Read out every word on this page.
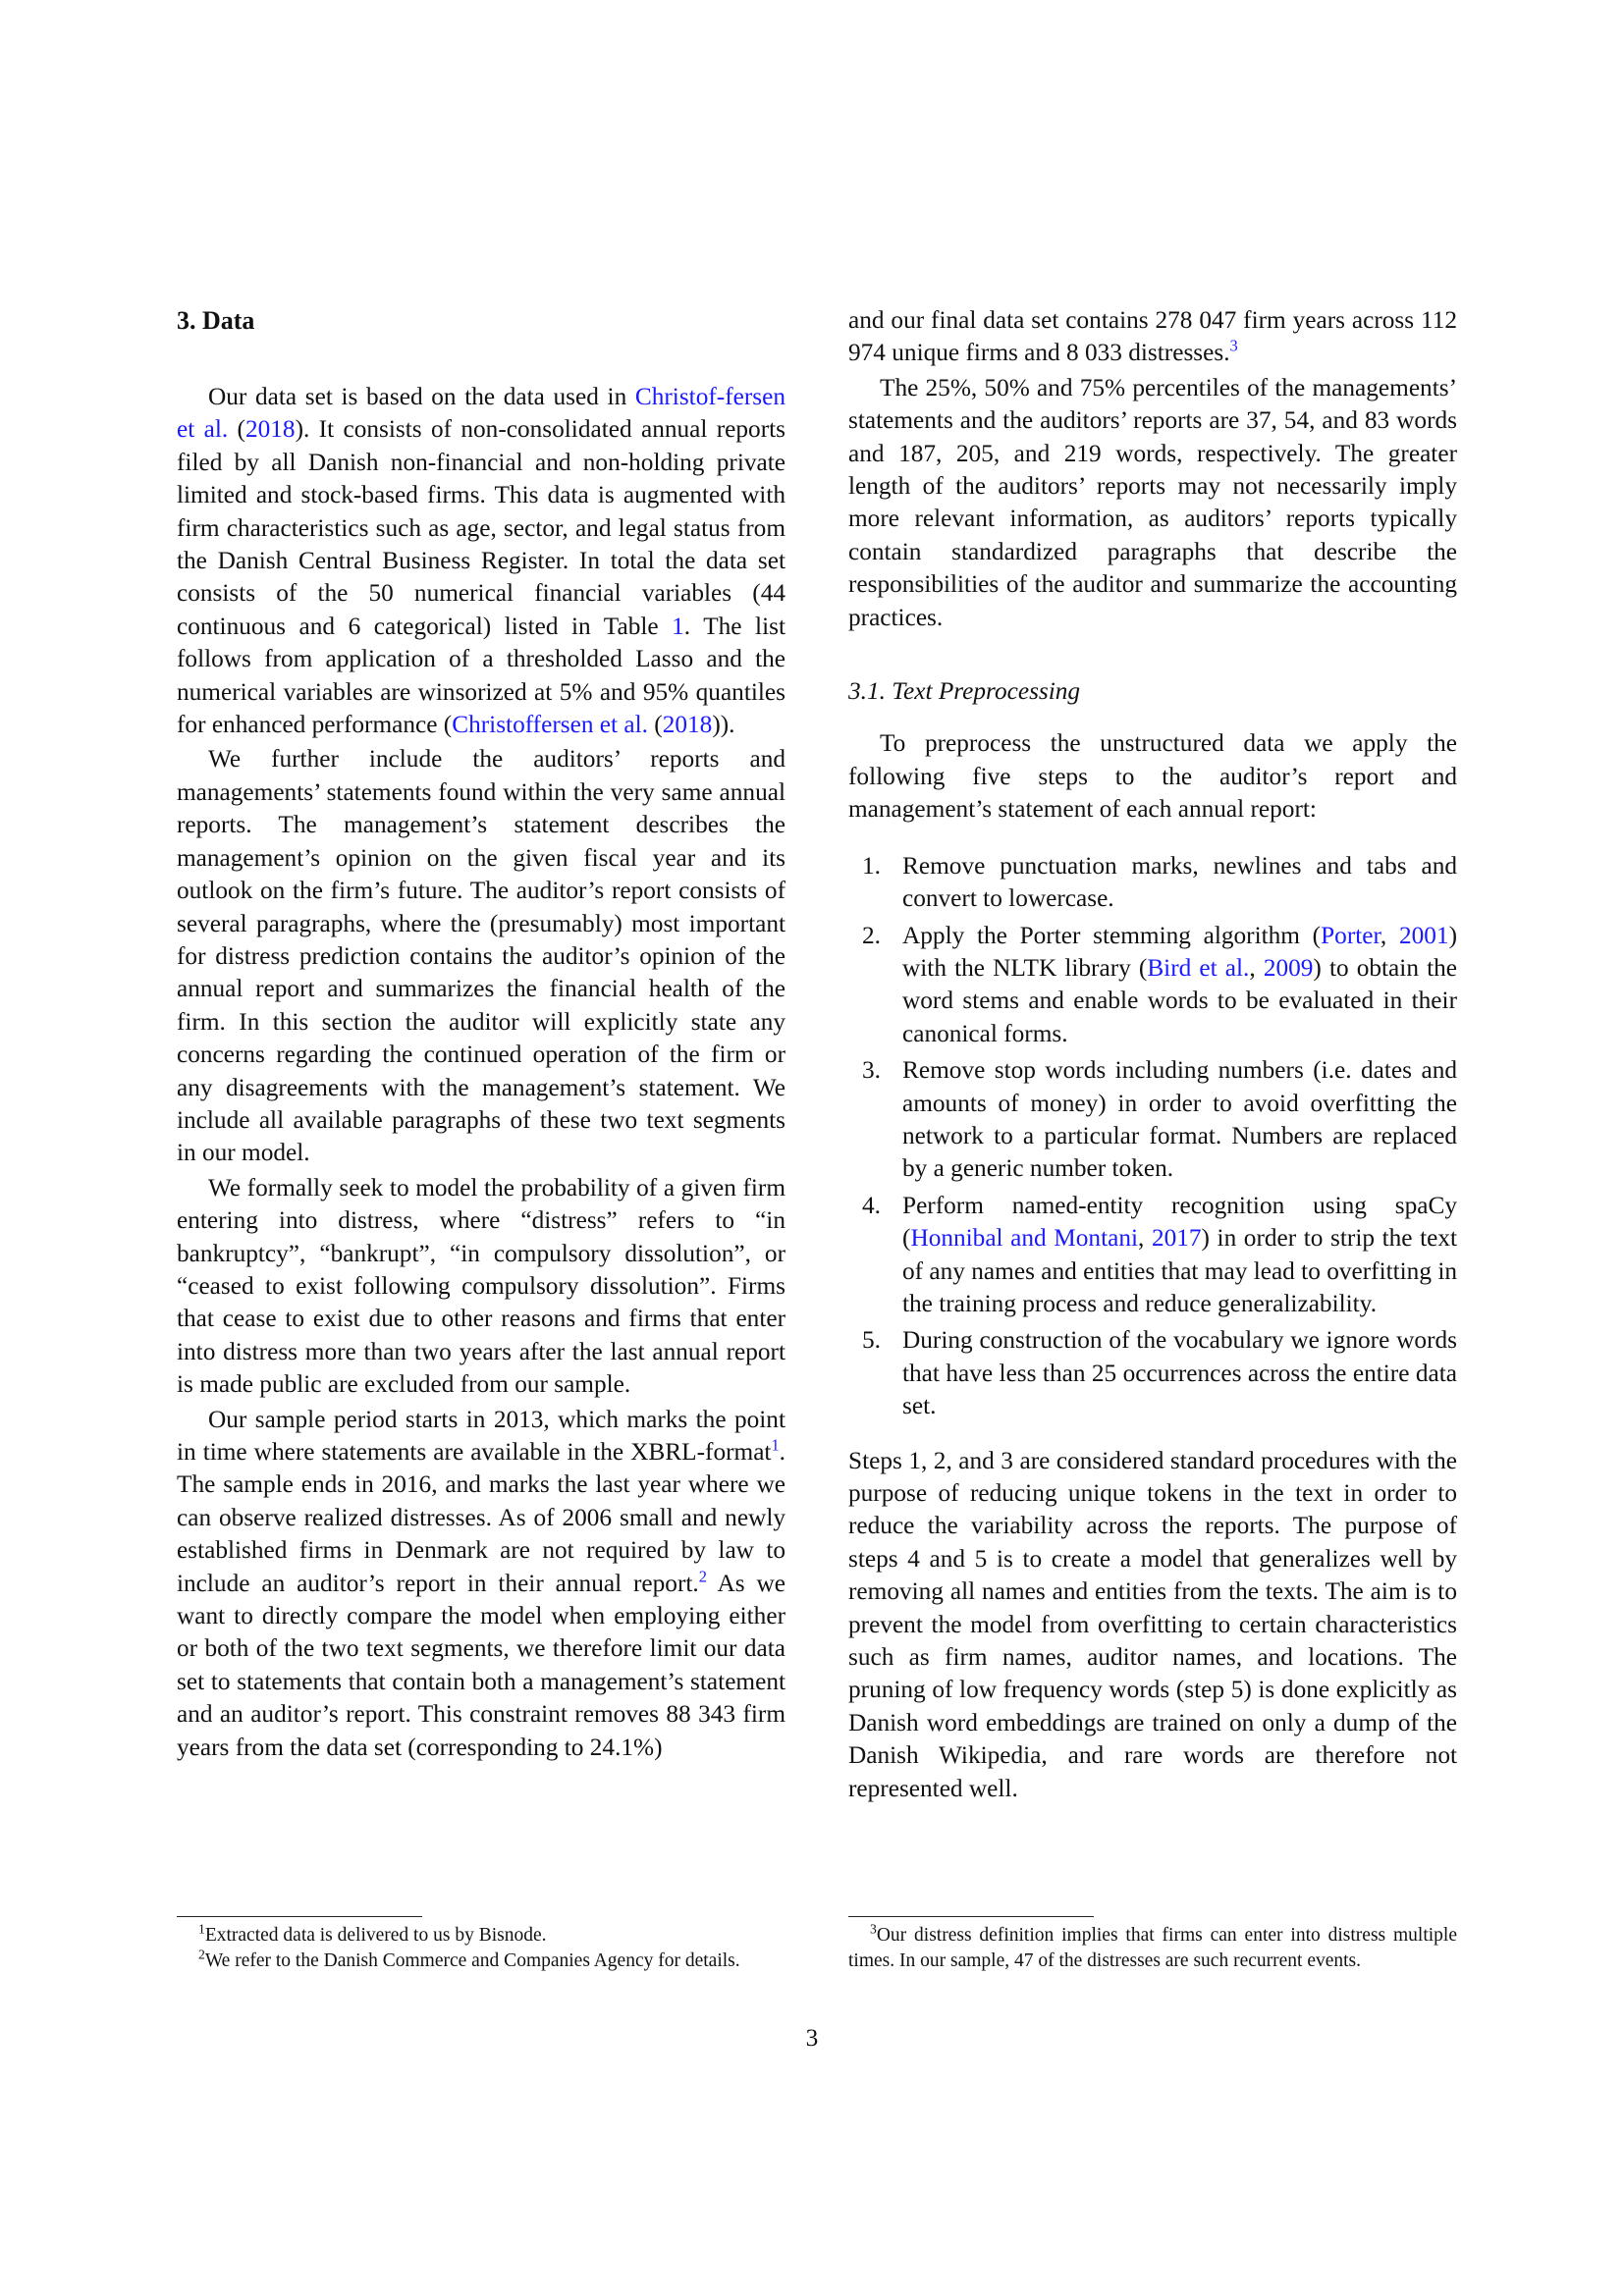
3. Data

Our data set is based on the data used in Christof-fersen et al. (2018). It consists of non-consolidated annual reports filed by all Danish non-financial and non-holding private limited and stock-based firms. This data is augmented with firm characteristics such as age, sector, and legal status from the Danish Central Business Register. In total the data set consists of the 50 numerical financial variables (44 continuous and 6 categorical) listed in Table 1. The list follows from application of a thresholded Lasso and the numerical variables are winsorized at 5% and 95% quantiles for enhanced performance (Christoffersen et al. (2018)).

We further include the auditors’ reports and managements’ statements found within the very same annual reports. The management’s statement describes the management’s opinion on the given fiscal year and its outlook on the firm’s future. The auditor’s report consists of several paragraphs, where the (presumably) most important for distress prediction contains the auditor’s opinion of the annual report and summarizes the financial health of the firm. In this section the auditor will explicitly state any concerns regarding the continued operation of the firm or any disagreements with the management’s statement. We include all available paragraphs of these two text segments in our model.

We formally seek to model the probability of a given firm entering into distress, where “distress” refers to “in bankruptcy”, “bankrupt”, “in compulsory dissolution”, or “ceased to exist following compulsory dissolution”. Firms that cease to exist due to other reasons and firms that enter into distress more than two years after the last annual report is made public are excluded from our sample.

Our sample period starts in 2013, which marks the point in time where statements are available in the XBRL-format$^1$. The sample ends in 2016, and marks the last year where we can observe realized distresses. As of 2006 small and newly established firms in Denmark are not required by law to include an auditor’s report in their annual report.$^2$ As we want to directly compare the model when employing either or both of the two text segments, we therefore limit our data set to statements that contain both a management’s statement and an auditor’s report. This constraint removes 88 343 firm years from the data set (corresponding to 24.1%)

and our final data set contains 278 047 firm years across 112 974 unique firms and 8 033 distresses.$^3$

The 25%, 50% and 75% percentiles of the managements’ statements and the auditors’ reports are 37, 54, and 83 words and 187, 205, and 219 words, respectively. The greater length of the auditors’ reports may not necessarily imply more relevant information, as auditors’ reports typically contain standardized paragraphs that describe the responsibilities of the auditor and summarize the accounting practices.

3.1. Text Preprocessing

To preprocess the unstructured data we apply the following five steps to the auditor’s report and management’s statement of each annual report:

1. Remove punctuation marks, newlines and tabs and convert to lowercase.
2. Apply the Porter stemming algorithm (Porter, 2001) with the NLTK library (Bird et al., 2009) to obtain the word stems and enable words to be evaluated in their canonical forms.
3. Remove stop words including numbers (i.e. dates and amounts of money) in order to avoid overfitting the network to a particular format. Numbers are replaced by a generic number token.
4. Perform named-entity recognition using spaCy (Honnibal and Montani, 2017) in order to strip the text of any names and entities that may lead to overfitting in the training process and reduce generalizability.
5. During construction of the vocabulary we ignore words that have less than 25 occurrences across the entire data set.

Steps 1, 2, and 3 are considered standard procedures with the purpose of reducing unique tokens in the text in order to reduce the variability across the reports. The purpose of steps 4 and 5 is to create a model that generalizes well by removing all names and entities from the texts. The aim is to prevent the model from overfitting to certain characteristics such as firm names, auditor names, and locations. The pruning of low frequency words (step 5) is done explicitly as Danish word embeddings are trained on only a dump of the Danish Wikipedia, and rare words are therefore not represented well.

$^1$Extracted data is delivered to us by Bisnode.

$^2$We refer to the Danish Commerce and Companies Agency for details.

$^3$Our distress definition implies that firms can enter into distress multiple times. In our sample, 47 of the distresses are such recurrent events.

3
